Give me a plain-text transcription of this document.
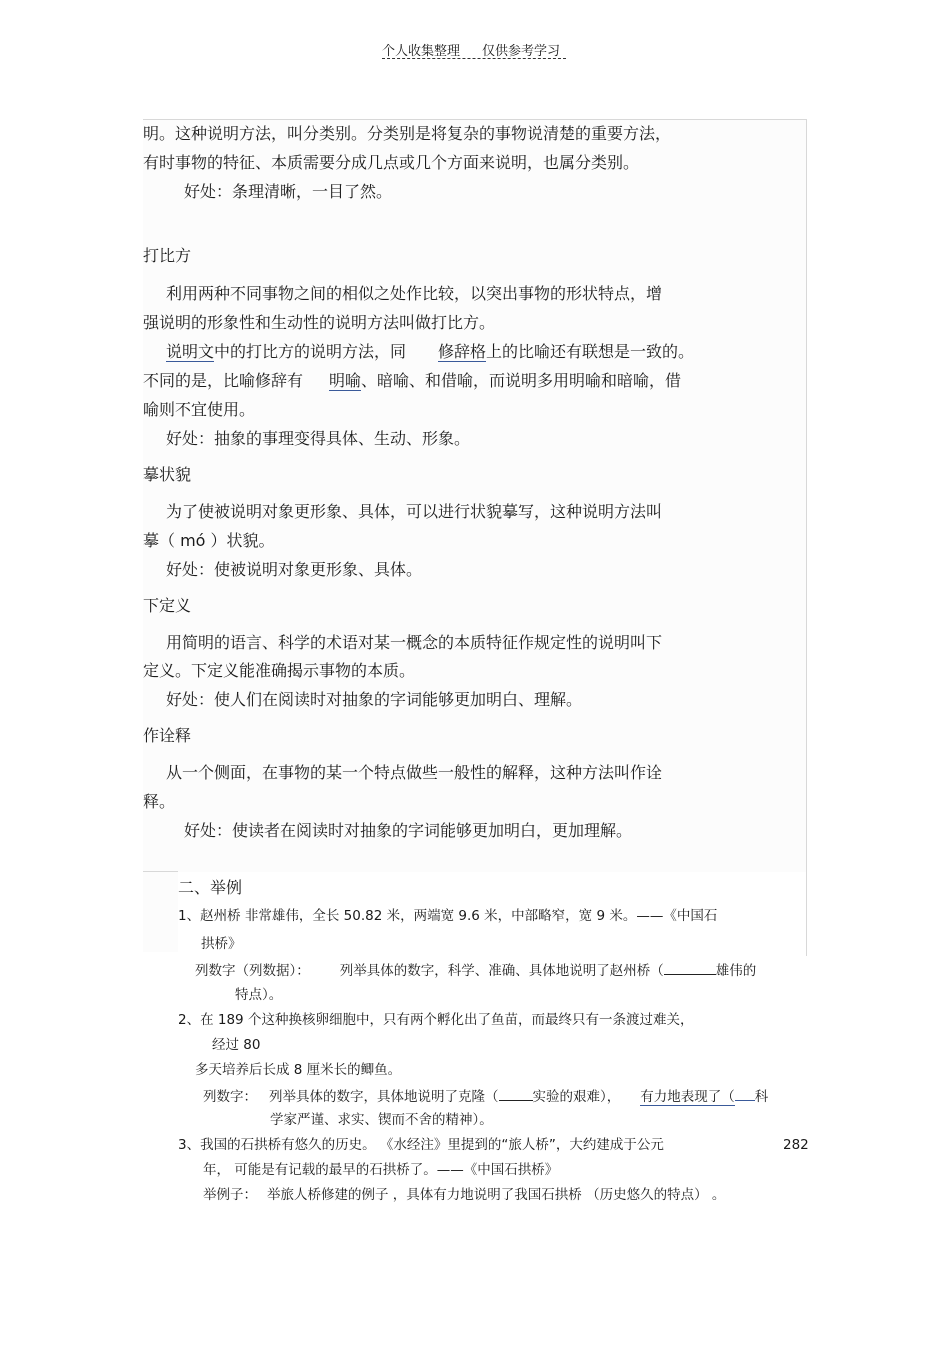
个人收集整理 仅供参考学习
明。这种说明方法，叫分类别。分类别是将复杂的事物说清楚的重要方法，
有时事物的特征、本质需要分成几点或几个方面来说明，也属分类别。
好处：条理清晰，一目了然。
打比方
利用两种不同事物之间的相似之处作比较，以突出事物的形状特点，增
强说明的形象性和生动性的说明方法叫做打比方。
说明文中的打比方的说明方法，同 修辞格上的比喻还有联想是一致的。
不同的是，比喻修辞有 明喻、暗喻、和借喻，而说明多用明喻和暗喻，借
喻则不宜使用。
好处：抽象的事理变得具体、生动、形象。
摹状貌
为了使被说明对象更形象、具体，可以进行状貌摹写，这种说明方法叫
摹（ mó ）状貌。
好处：使被说明对象更形象、具体。
下定义
用简明的语言、科学的术语对某一概念的本质特征作规定性的说明叫下
定义。下定义能准确揭示事物的本质。
好处：使人们在阅读时对抽象的字词能够更加明白、理解。
作诠释
从一个侧面，在事物的某一个特点做些一般性的解释，这种方法叫作诠
释。
好处：使读者在阅读时对抽象的字词能够更加明白，更加理解。
二、举例
1、赵州桥 非常雄伟，全长 50.82 米，两端宽 9.6 米，中部略窄，宽 9 米。——《中国石
拱桥》
列数字（列数据）： 列举具体的数字，科学、准确、具体地说明了赵州桥（	雄伟的
特点）。
2、在 189 个这种换核卵细胞中，只有两个孵化出了鱼苗，而最终只有一条渡过难关，
经过 80
多天培养后长成 8 厘米长的鲫鱼。
列数字： 列举具体的数字，具体地说明了克隆（	实验的艰难）， 有力地表现了（ 科
学家严谨、求实、锲而不舍的精神）。
3、我国的石拱桥有悠久的历史。 《水经注》里提到的“旅人桥”，大约建成于公元	282
年， 可能是有记载的最早的石拱桥了。——《中国石拱桥》
举例子： 举旅人桥修建的例子 ，具体有力地说明了我国石拱桥 （历史悠久的特点） 。
